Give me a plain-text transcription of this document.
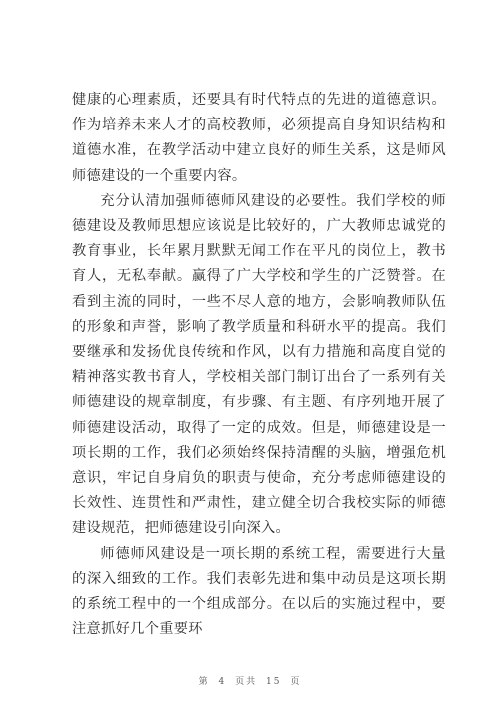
健康的心理素质，还要具有时代特点的先进的道德意识。作为培养未来人才的高校教师，必须提高自身知识结构和道德水准，在教学活动中建立良好的师生关系，这是师风师德建设的一个重要内容。

充分认清加强师德师风建设的必要性。我们学校的师德建设及教师思想应该说是比较好的，广大教师忠诚党的教育事业，长年累月默默无闻工作在平凡的岗位上，教书育人，无私奉献。赢得了广大学校和学生的广泛赞誉。在看到主流的同时，一些不尽人意的地方，会影响教师队伍的形象和声誉，影响了教学质量和科研水平的提高。我们要继承和发扬优良传统和作风，以有力措施和高度自觉的精神落实教书育人，学校相关部门制订出台了一系列有关师德建设的规章制度，有步骤、有主题、有序列地开展了师德建设活动，取得了一定的成效。但是，师德建设是一项长期的工作，我们必须始终保持清醒的头脑，增强危机意识，牢记自身肩负的职责与使命，充分考虑师德建设的长效性、连贯性和严肃性，建立健全切合我校实际的师德建设规范，把师德建设引向深入。

师德师风建设是一项长期的系统工程，需要进行大量的深入细致的工作。我们表彰先进和集中动员是这项长期的系统工程中的一个组成部分。在以后的实施过程中，要注意抓好几个重要环

第 4 页共 15 页
